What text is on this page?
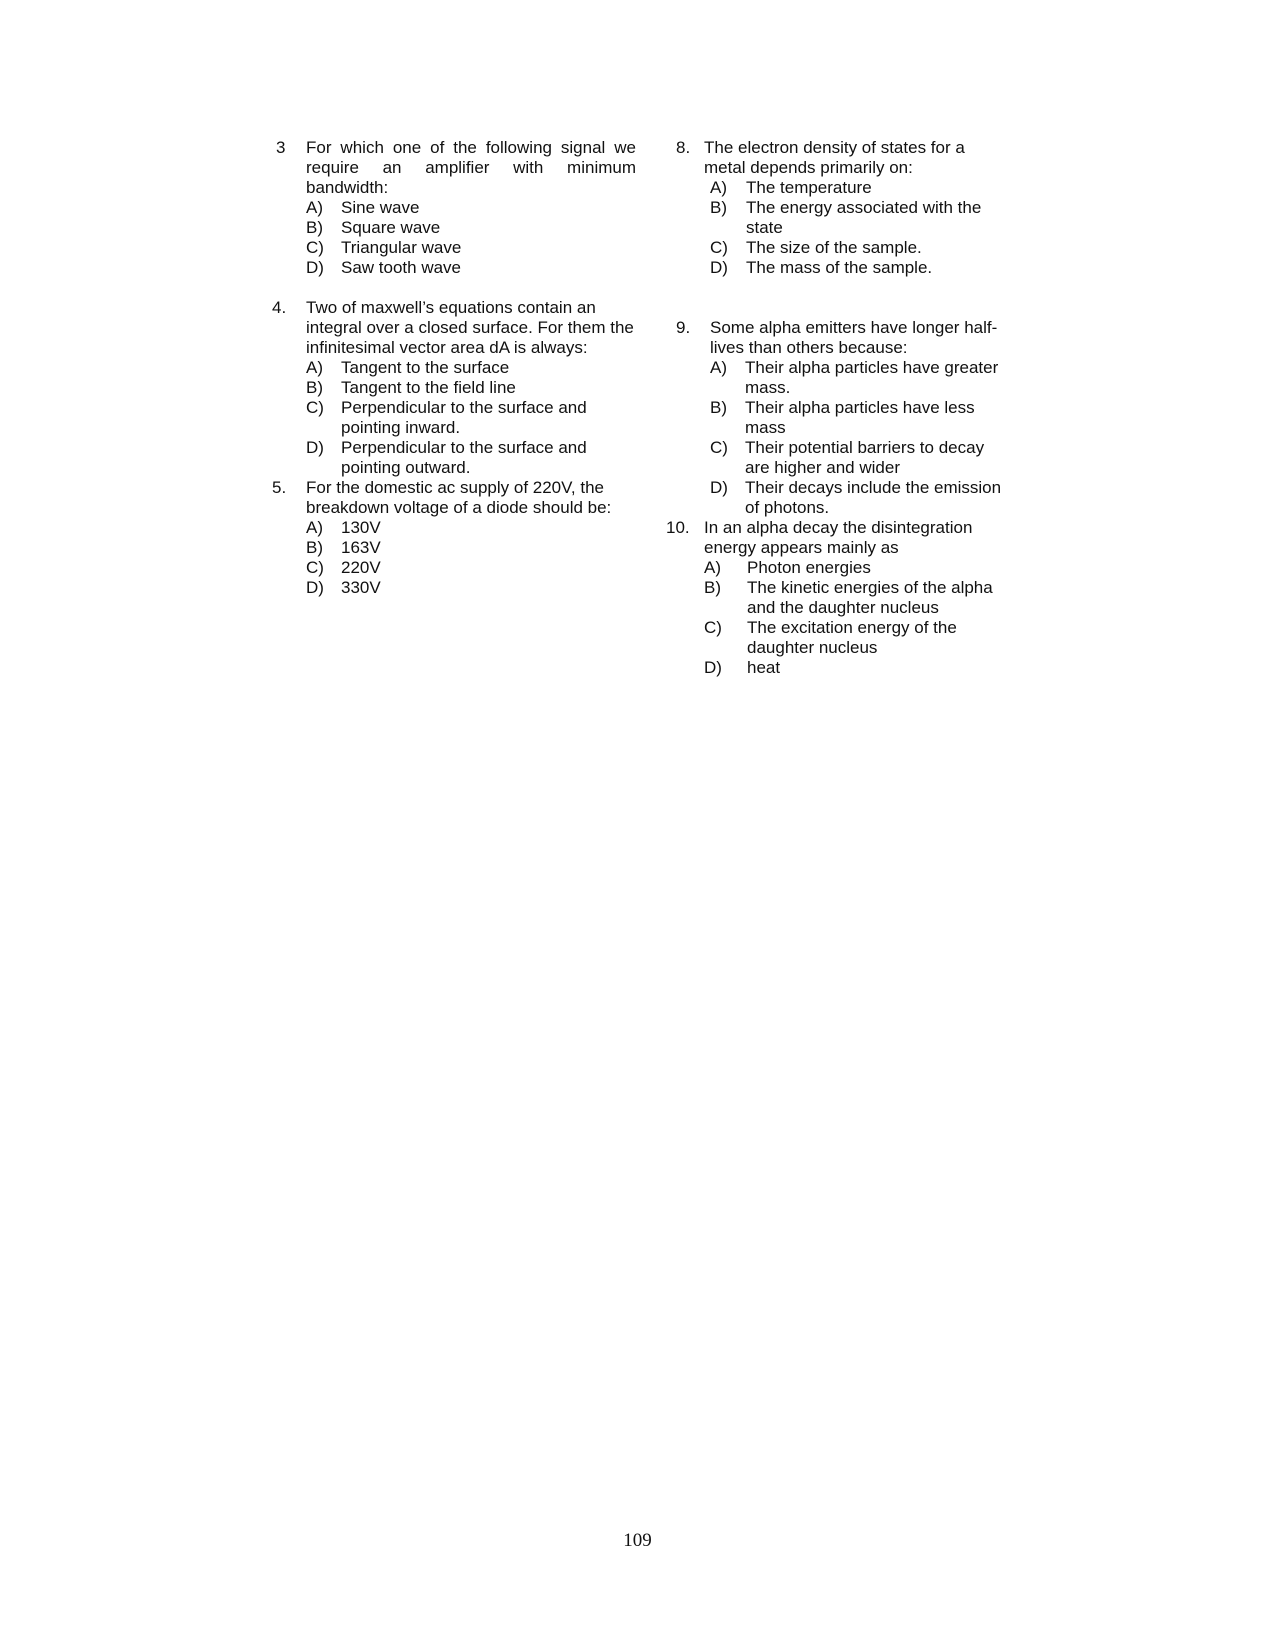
3 For which one of the following signal we require an amplifier with minimum bandwidth:
A) Sine wave
B) Square wave
C) Triangular wave
D) Saw tooth wave
4. Two of maxwell’s equations contain an integral over a closed surface. For them the infinitesimal vector area dA is always:
A) Tangent to the surface
B) Tangent to the field line
C) Perpendicular to the surface and pointing inward.
D) Perpendicular to the surface and pointing outward.
5. For the domestic ac supply of 220V, the breakdown voltage of a diode should be:
A) 130V
B) 163V
C) 220V
D) 330V
8. The electron density of states for a metal depends primarily on:
A) The temperature
B) The energy associated with the state
C) The size of the sample.
D) The mass of the sample.
9. Some alpha emitters have longer half-lives than others because:
A) Their alpha particles have greater mass.
B) Their alpha particles have less mass
C) Their potential barriers to decay are higher and wider
D) Their decays include the emission of photons.
10. In an alpha decay the disintegration energy appears mainly as
A) Photon energies
B) The kinetic energies of the alpha and the daughter nucleus
C) The excitation energy of the daughter nucleus
D) heat
109
